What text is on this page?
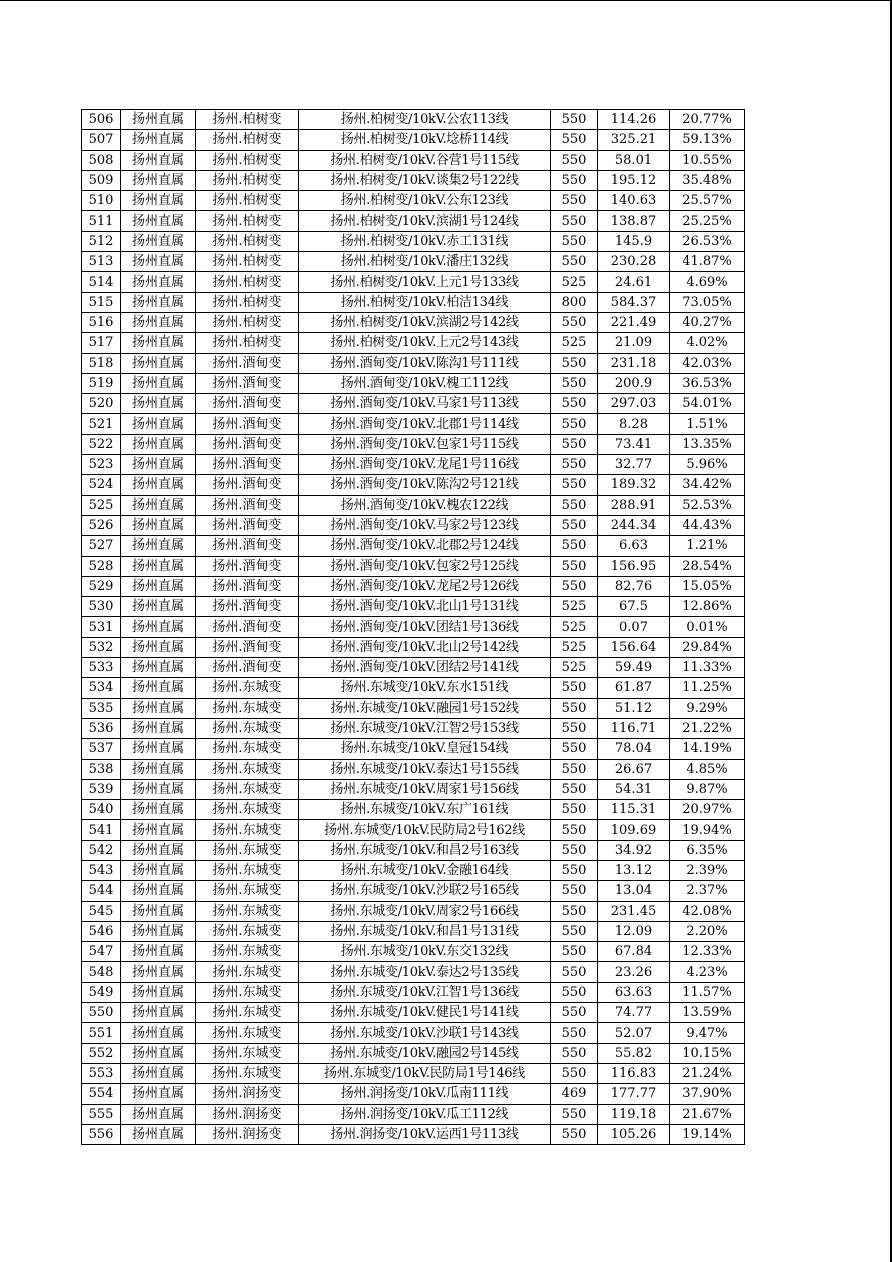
506	扬州直属	扬州.柏树变	扬州.柏树变/10kV.公农113线	550	114.26	20.77%
507	扬州直属	扬州.柏树变	扬州.柏树变/10kV.埝桥114线	550	325.21	59.13%
508	扬州直属	扬州.柏树变	扬州.柏树变/10kV.谷营1号115线	550	58.01	10.55%
509	扬州直属	扬州.柏树变	扬州.柏树变/10kV.谈集2号122线	550	195.12	35.48%
510	扬州直属	扬州.柏树变	扬州.柏树变/10kV.公东123线	550	140.63	25.57%
511	扬州直属	扬州.柏树变	扬州.柏树变/10kV.滨湖1号124线	550	138.87	25.25%
512	扬州直属	扬州.柏树变	扬州.柏树变/10kV.赤工131线	550	145.9	26.53%
513	扬州直属	扬州.柏树变	扬州.柏树变/10kV.潘庄132线	550	230.28	41.87%
514	扬州直属	扬州.柏树变	扬州.柏树变/10kV.上元1号133线	525	24.61	4.69%
515	扬州直属	扬州.柏树变	扬州.柏树变/10kV.柏洁134线	800	584.37	73.05%
516	扬州直属	扬州.柏树变	扬州.柏树变/10kV.滨湖2号142线	550	221.49	40.27%
517	扬州直属	扬州.柏树变	扬州.柏树变/10kV.上元2号143线	525	21.09	4.02%
518	扬州直属	扬州.酒甸变	扬州.酒甸变/10kV.陈沟1号111线	550	231.18	42.03%
519	扬州直属	扬州.酒甸变	扬州.酒甸变/10kV.槐工112线	550	200.9	36.53%
520	扬州直属	扬州.酒甸变	扬州.酒甸变/10kV.马家1号113线	550	297.03	54.01%
521	扬州直属	扬州.酒甸变	扬州.酒甸变/10kV.北郡1号114线	550	8.28	1.51%
522	扬州直属	扬州.酒甸变	扬州.酒甸变/10kV.包家1号115线	550	73.41	13.35%
523	扬州直属	扬州.酒甸变	扬州.酒甸变/10kV.龙尾1号116线	550	32.77	5.96%
524	扬州直属	扬州.酒甸变	扬州.酒甸变/10kV.陈沟2号121线	550	189.32	34.42%
525	扬州直属	扬州.酒甸变	扬州.酒甸变/10kV.槐农122线	550	288.91	52.53%
526	扬州直属	扬州.酒甸变	扬州.酒甸变/10kV.马家2号123线	550	244.34	44.43%
527	扬州直属	扬州.酒甸变	扬州.酒甸变/10kV.北郡2号124线	550	6.63	1.21%
528	扬州直属	扬州.酒甸变	扬州.酒甸变/10kV.包家2号125线	550	156.95	28.54%
529	扬州直属	扬州.酒甸变	扬州.酒甸变/10kV.龙尾2号126线	550	82.76	15.05%
530	扬州直属	扬州.酒甸变	扬州.酒甸变/10kV.北山1号131线	525	67.5	12.86%
531	扬州直属	扬州.酒甸变	扬州.酒甸变/10kV.团结1号136线	525	0.07	0.01%
532	扬州直属	扬州.酒甸变	扬州.酒甸变/10kV.北山2号142线	525	156.64	29.84%
533	扬州直属	扬州.酒甸变	扬州.酒甸变/10kV.团结2号141线	525	59.49	11.33%
534	扬州直属	扬州.东城变	扬州.东城变/10kV.东水151线	550	61.87	11.25%
535	扬州直属	扬州.东城变	扬州.东城变/10kV.融园1号152线	550	51.12	9.29%
536	扬州直属	扬州.东城变	扬州.东城变/10kV.江智2号153线	550	116.71	21.22%
537	扬州直属	扬州.东城变	扬州.东城变/10kV.皇冠154线	550	78.04	14.19%
538	扬州直属	扬州.东城变	扬州.东城变/10kV.泰达1号155线	550	26.67	4.85%
539	扬州直属	扬州.东城变	扬州.东城变/10kV.周家1号156线	550	54.31	9.87%
540	扬州直属	扬州.东城变	扬州.东城变/10kV.东广161线	550	115.31	20.97%
541	扬州直属	扬州.东城变	扬州.东城变/10kV.民防局2号162线	550	109.69	19.94%
542	扬州直属	扬州.东城变	扬州.东城变/10kV.和昌2号163线	550	34.92	6.35%
543	扬州直属	扬州.东城变	扬州.东城变/10kV.金融164线	550	13.12	2.39%
544	扬州直属	扬州.东城变	扬州.东城变/10kV.沙联2号165线	550	13.04	2.37%
545	扬州直属	扬州.东城变	扬州.东城变/10kV.周家2号166线	550	231.45	42.08%
546	扬州直属	扬州.东城变	扬州.东城变/10kV.和昌1号131线	550	12.09	2.20%
547	扬州直属	扬州.东城变	扬州.东城变/10kV.东交132线	550	67.84	12.33%
548	扬州直属	扬州.东城变	扬州.东城变/10kV.泰达2号135线	550	23.26	4.23%
549	扬州直属	扬州.东城变	扬州.东城变/10kV.江智1号136线	550	63.63	11.57%
550	扬州直属	扬州.东城变	扬州.东城变/10kV.健民1号141线	550	74.77	13.59%
551	扬州直属	扬州.东城变	扬州.东城变/10kV.沙联1号143线	550	52.07	9.47%
552	扬州直属	扬州.东城变	扬州.东城变/10kV.融园2号145线	550	55.82	10.15%
553	扬州直属	扬州.东城变	扬州.东城变/10kV.民防局1号146线	550	116.83	21.24%
554	扬州直属	扬州.润扬变	扬州.润扬变/10kV.瓜南111线	469	177.77	37.90%
555	扬州直属	扬州.润扬变	扬州.润扬变/10kV.瓜工112线	550	119.18	21.67%
556	扬州直属	扬州.润扬变	扬州.润扬变/10kV.运西1号113线	550	105.26	19.14%
